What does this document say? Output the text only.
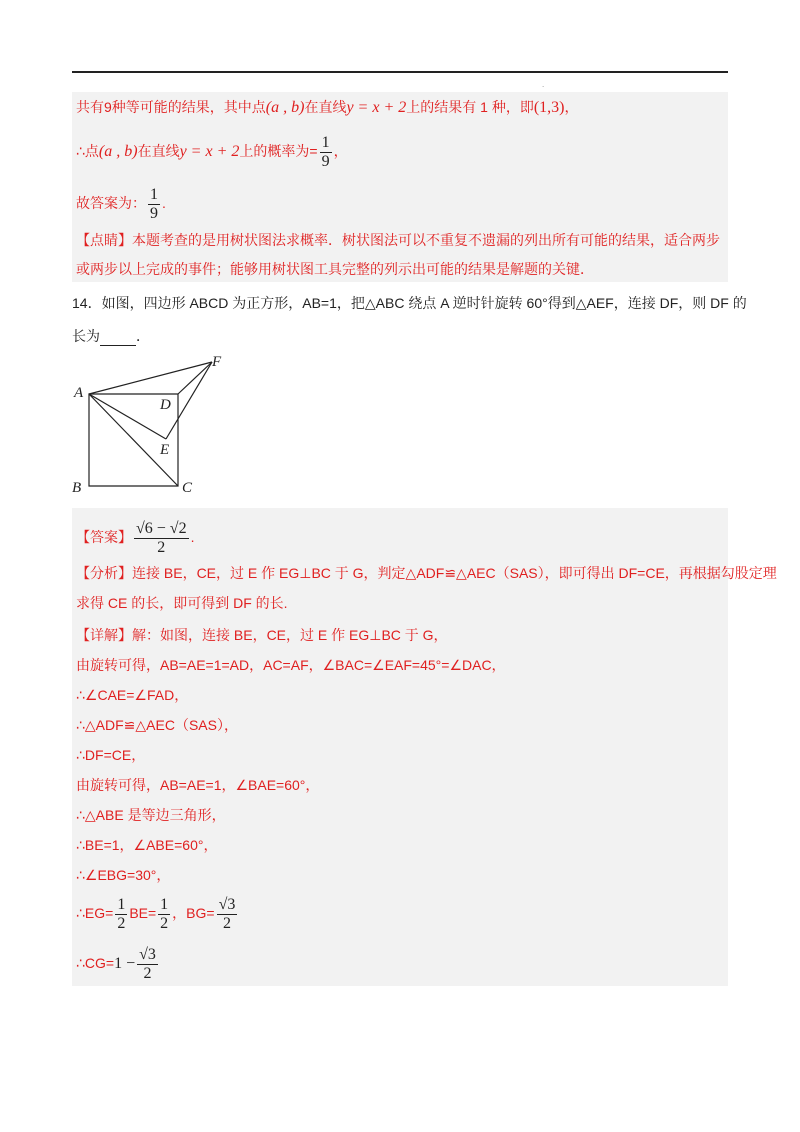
.
共有9种等可能的结果，其中点(a , b)在直线y = x + 2上的结果有 1 种，即(1,3)，
∴点(a , b)在直线y = x + 2上的概率为= $\frac{1}{9}$ ，
故答案为： $\frac{1}{9}$ .
【点睛】本题考查的是用树状图法求概率．树状图法可以不重复不遗漏的列出所有可能的结果，适合两步
或两步以上完成的事件；能够用树状图工具完整的列示出可能的结果是解题的关键．
14．如图，四边形 ABCD 为正方形，AB=1，把△ABC 绕点 A 逆时针旋转 60°得到△AEF，连接 DF，则 DF 的
长为	．
A
B	C
D
E
F
【答案】 $\frac{√6 - √2}{2}$ .
【分析】连接 BE，CE，过 E 作 EG⊥BC 于 G，判定△ADF≌△AEC（SAS），即可得出 DF=CE，再根据勾股定理
求得 CE 的长，即可得到 DF 的长.
【详解】解：如图，连接 BE，CE，过 E 作 EG⊥BC 于 G，
由旋转可得，AB=AE=1=AD，AC=AF，∠BAC=∠EAF=45°=∠DAC，
∴∠CAE=∠FAD，
∴△ADF≌△AEC（SAS），
∴DF=CE，
由旋转可得，AB=AE=1，∠BAE=60°，
∴△ABE 是等边三角形，
∴BE=1，∠ABE=60°，
∴∠EBG=30°，
∴EG= $\frac{1}{2} BE= \frac{1}{2}$ ，$BG= \frac{√3}{2}$
∴CG=1 − $\frac{√3}{2}$
